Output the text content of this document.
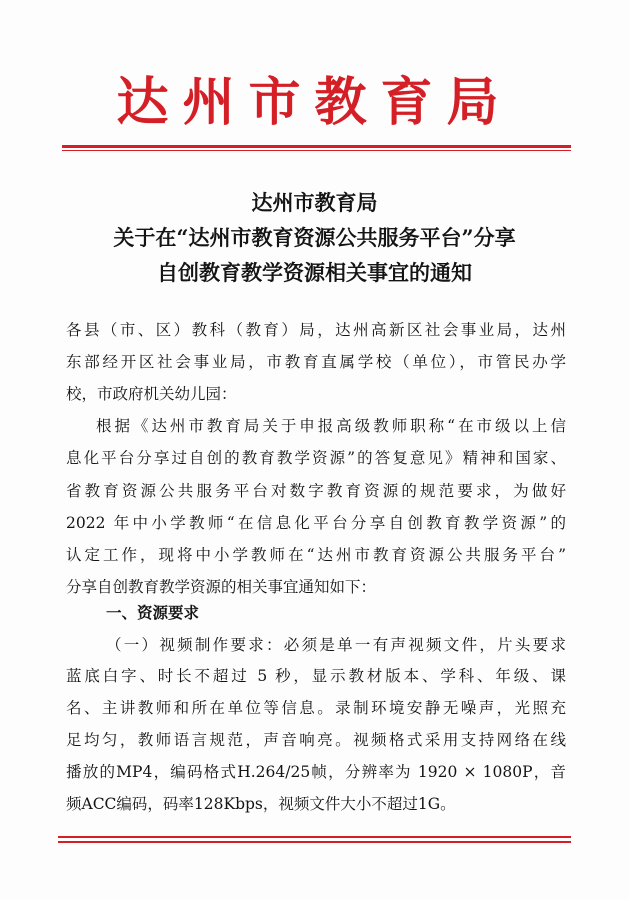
达州市教育局
达州市教育局
关于在“达州市教育资源公共服务平台”分享
自创教育教学资源相关事宜的通知
各县（市、区）教科（教育）局，达州高新区社会事业局，达州
东部经开区社会事业局，市教育直属学校（单位），市管民办学
校，市政府机关幼儿园：
根据《达州市教育局关于申报高级教师职称“在市级以上信
息化平台分享过自创的教育教学资源”的答复意见》精神和国家、
省教育资源公共服务平台对数字教育资源的规范要求，为做好
2022 年中小学教师“在信息化平台分享自创教育教学资源”的
认定工作，现将中小学教师在“达州市教育资源公共服务平台”
分享自创教育教学资源的相关事宜通知如下：
一、资源要求
（一）视频制作要求：必须是单一有声视频文件，片头要求
蓝底白字、时长不超过 5 秒，显示教材版本、学科、年级、课
名、主讲教师和所在单位等信息。录制环境安静无噪声，光照充
足均匀，教师语言规范，声音响亮。视频格式采用支持网络在线
播放的MP4，编码格式H.264/25帧，分辨率为 1920 × 1080P，音
频ACC编码，码率128Kbps，视频文件大小不超过1G。
